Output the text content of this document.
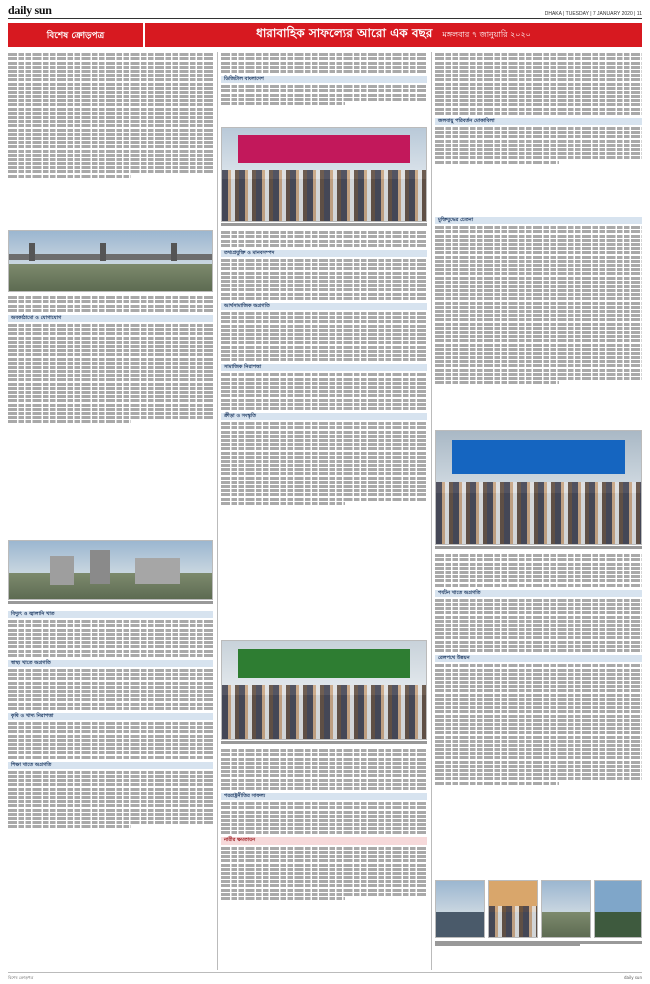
daily sun	DHAKA | TUESDAY | 7 JANUARY 2020 | 11
বিশেষ ক্রোড়পত্র	ধারাবাহিক সাফল্যের আরো এক বছর মঙ্গলবার ৭ জানুয়ারি ২০২০
অবকাঠামো ও যোগাযোগ
বিদ্যুৎ ও জ্বালানি খাত
স্বাস্থ্য খাতে অগ্রগতি
কৃষি ও খাদ্য নিরাপত্তা
শিক্ষা খাতে অগ্রগতি
ডিজিটাল বাংলাদেশ
তথ্যপ্রযুক্তি ও মানবসম্পদ
আর্থসামাজিক অগ্রগতি
সামাজিক নিরাপত্তা
ক্রীড়া ও সংস্কৃতি
পররাষ্ট্রনীতির সাফল্য
নারীর ক্ষমতায়ন
জলবায়ু পরিবর্তন মোকাবিলা
মুক্তিযুদ্ধের চেতনা
পর্যটন খাতে অগ্রগতি
রেলপথে উন্নয়ন
বিশেষ ক্রোড়পত্র	daily sun
